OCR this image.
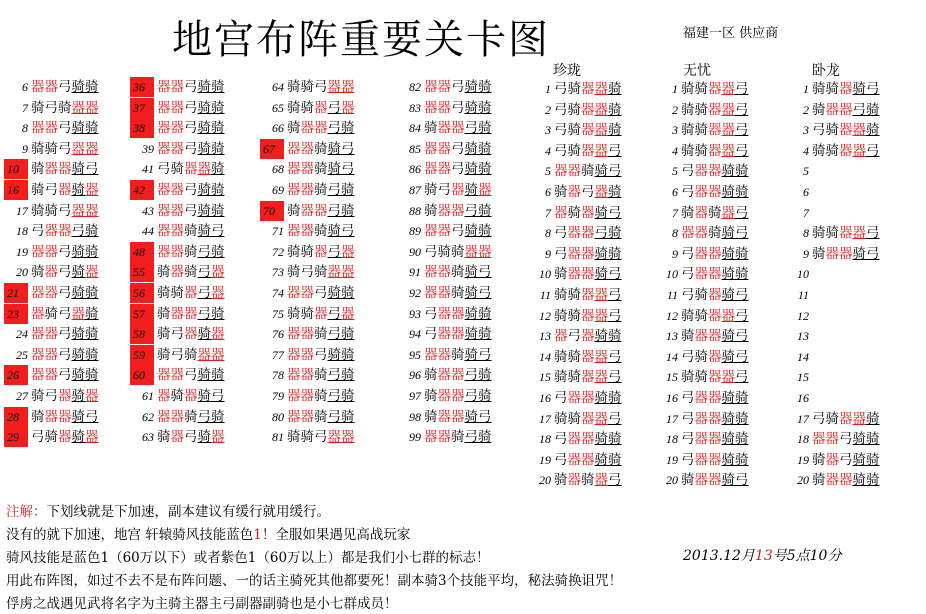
地宫布阵重要关卡图	福建一区 供应商
珍珑	无忧	卧龙
6 器器弓骑骑
7 骑弓骑器器
8 器器弓骑骑
9 骑骑弓器器
10 骑器器骑弓
16 骑弓器骑器
17 骑骑弓器器
18 弓器器弓骑
19 器器弓骑骑
20 骑器弓骑器
21 器器弓骑骑
23 器骑弓器骑
24 器器弓骑骑
25 器器弓骑骑
26 器器弓骑骑
27 骑弓器骑器
28 骑器器骑弓
29 弓骑器骑器
36 器器弓骑骑
37 器器弓骑骑
38 器器弓骑骑
39 器器弓骑骑
41 弓骑器器骑
42 器器弓骑骑
43 器器弓骑骑
44 器器骑骑弓
48 器器骑弓骑
55 骑器骑弓器
56 骑骑器弓器
57 骑器器弓骑
58 骑弓器骑器
59 骑弓骑器器
60 器器弓骑骑
61 器骑器骑弓
62 器器骑弓骑
63 骑器弓骑器
64 骑骑弓器器
65 骑骑器弓器
66 骑器器弓骑
67 器器骑骑弓
68 器器骑骑弓
69 器器骑弓骑
70 骑器器弓骑
71 器器骑骑弓
72 骑骑器弓器
73 骑弓骑器器
74 器器弓骑骑
75 骑骑器弓器
76 器器骑弓骑
77 器器弓骑骑
78 器器骑弓骑
79 器器骑弓骑
80 器器骑弓骑
81 骑骑弓器器
82 器器弓骑骑
83 器器弓骑骑
84 骑器器弓骑
85 器器弓骑骑
86 器器弓骑骑
87 骑弓器骑器
88 骑器器弓骑
89 器器弓骑骑
90 弓骑骑器器
91 器器骑骑弓
92 器器骑骑弓
93 弓器器骑骑
94 弓器器骑骑
95 器器骑骑弓
96 骑器器弓骑
97 骑器器弓骑
98 骑器器骑弓
99 器器骑弓骑
1 弓骑器器骑
2 弓骑器器骑
3 弓骑器器骑
4 弓骑器器弓
5 器器骑骑弓
6 骑器弓器骑
7 器骑器骑弓
8 弓器器弓骑
9 弓器器骑骑
10 骑器器骑弓
11 骑骑器器弓
12 骑骑器器弓
13 器弓器骑骑
14 骑骑器器弓
15 骑骑器器弓
16 弓器器骑骑
17 骑骑器器弓
18 弓器器骑骑
19 弓器器骑骑
20 骑器骑器弓
1 骑骑器器弓
2 骑骑器器弓
3 骑骑器器弓
4 骑骑器器弓
5 弓器器骑骑
6 弓器器骑骑
7 骑器骑器弓
8 器器骑骑弓
9 弓器器骑骑
10 弓器器骑骑
11 弓骑器骑弓
12 骑骑器器弓
13 骑器器骑弓
14 弓骑器骑弓
15 骑骑器器弓
16 弓器器骑骑
17 弓器器骑骑
18 弓器器骑骑
19 弓器器骑骑
20 骑器器骑弓
1 骑骑器骑弓
2 骑器器弓骑
3 弓骑器器骑
4 骑骑器器弓
5
6
7
8 骑骑器器弓
9 骑器器骑弓
10
11
12
13
14
15
16
17 弓骑器器骑
18 器器弓骑骑
19 骑器弓骑骑
20 骑器器骑骑
注解：下划线就是下加速，副本建议有缓行就用缓行。
没有的就下加速，地宫 轩辕骑风技能蓝色1！全服如果遇见高战玩家
骑风技能是蓝色1（60万以下）或者紫色1（60万以上）都是我们小七群的标志！
用此布阵图，如过不去不是布阵问题、一的话主骑死其他都要死！副本骑3个技能平均，秘法骑换诅咒！
俘虏之战遇见武将名字为主骑主器主弓副器副骑也是小七群成员！
2013.12月13号5点10分
